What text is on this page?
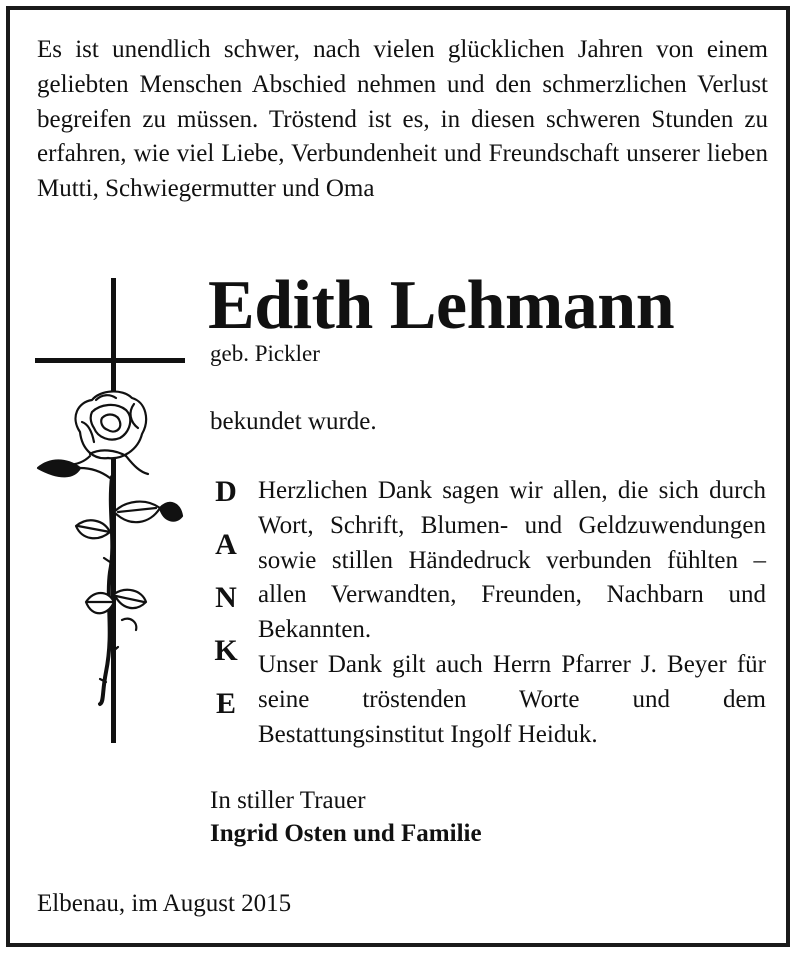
Es ist unendlich schwer, nach vielen glücklichen Jahren von einem geliebten Menschen Abschied nehmen und den schmerzlichen Verlust begreifen zu müssen. Tröstend ist es, in diesen schweren Stunden zu erfahren, wie viel Liebe, Verbundenheit und Freundschaft unserer lieben Mutti, Schwiegermutter und Oma

Edith Lehmann

geb. Pickler

bekundet wurde.

D
A
N
K
E

Herzlichen Dank sagen wir allen, die sich durch Wort, Schrift, Blumen- und Geldzuwendungen sowie stillen Händedruck verbunden fühlten – allen Verwandten, Freunden, Nachbarn und Bekannten.

Unser Dank gilt auch Herrn Pfarrer J. Beyer für seine tröstenden Worte und dem Bestattungsinstitut Ingolf Heiduk.

In stiller Trauer

Ingrid Osten und Familie

Elbenau, im August 2015
